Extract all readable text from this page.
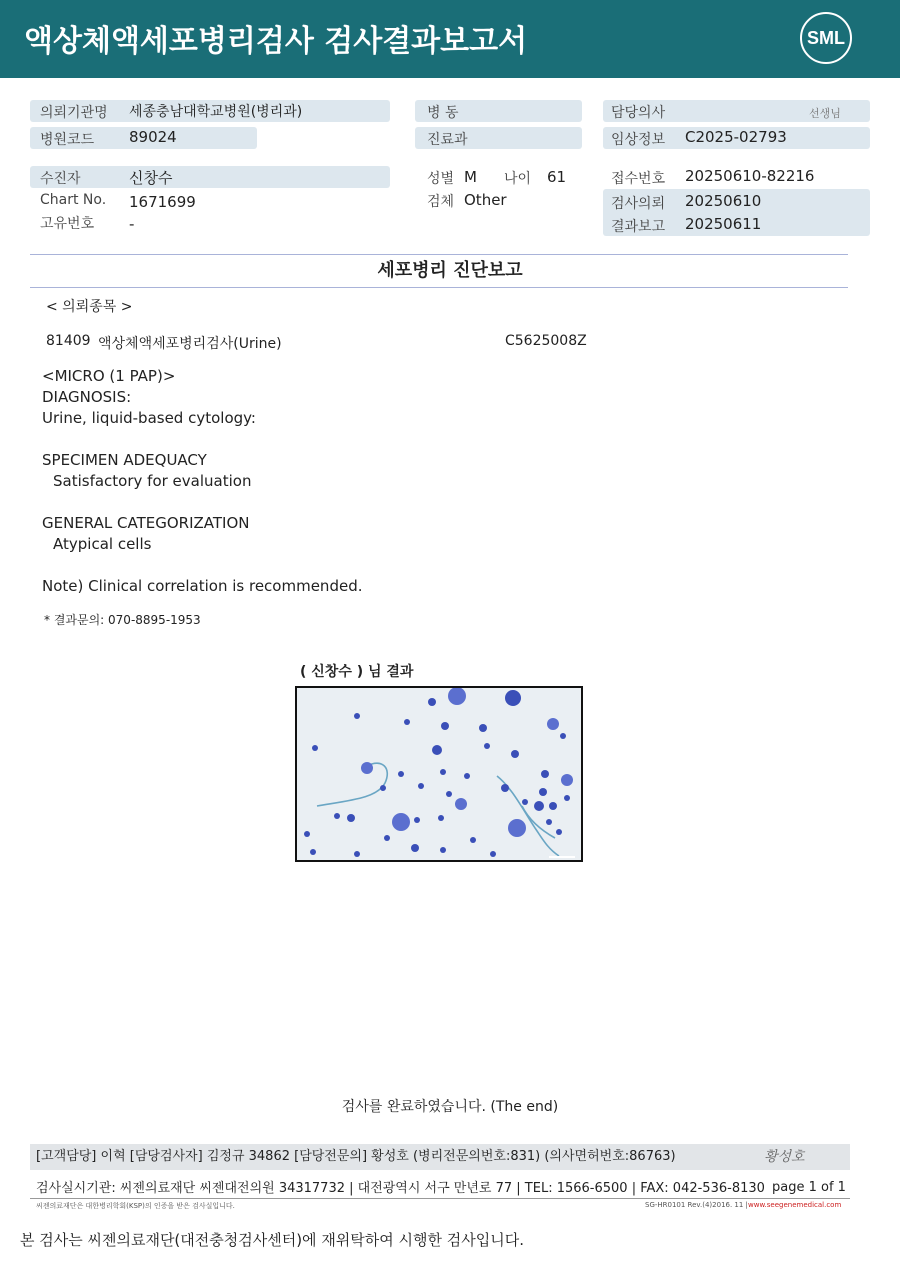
액상체액세포병리검사 검사결과보고서	SML
의뢰기관명 세종충남대학교병원(병리과)
병원코드 89024
수진자	신창수
Chart No. 1671699
고유번호 -
병 동
진료과
성별 M 나이 61
검체 Other
담당의사	선생님
임상정보 C2025-02793
접수번호 20250610-82216
검사의뢰 20250610
결과보고 20250611
세포병리 진단보고
< 의뢰종목 >
81409 액상체액세포병리검사(Urine)	C5625008Z
<MICRO (1 PAP)>
DIAGNOSIS:
Urine, liquid-based cytology:
SPECIMEN ADEQUACY
Satisfactory for evaluation
GENERAL CATEGORIZATION
Atypical cells
Note) Clinical correlation is recommended.
* 결과문의: 070-8895-1953
( 신창수 ) 님 결과
검사를 완료하였습니다. (The end)
[고객담당] 이혁 [담당검사자] 김정규 34862 [담당전문의] 황성호 (병리전문의번호:831) (의사면허번호:86763)	황성호
검사실시기관: 씨젠의료재단 씨젠대전의원 34317732 | 대전광역시 서구 만년로 77 | TEL: 1566-6500 | FAX: 042-536-8130 page 1 of 1
씨젠의료재단은 대한병리학회(KSP)의 인증을 받은 검사실입니다.	SG-HR0101 Rev.(4)2016. 11 | www.seegenemedical.com
본 검사는 씨젠의료재단(대전충청검사센터)에 재위탁하여 시행한 검사입니다.
